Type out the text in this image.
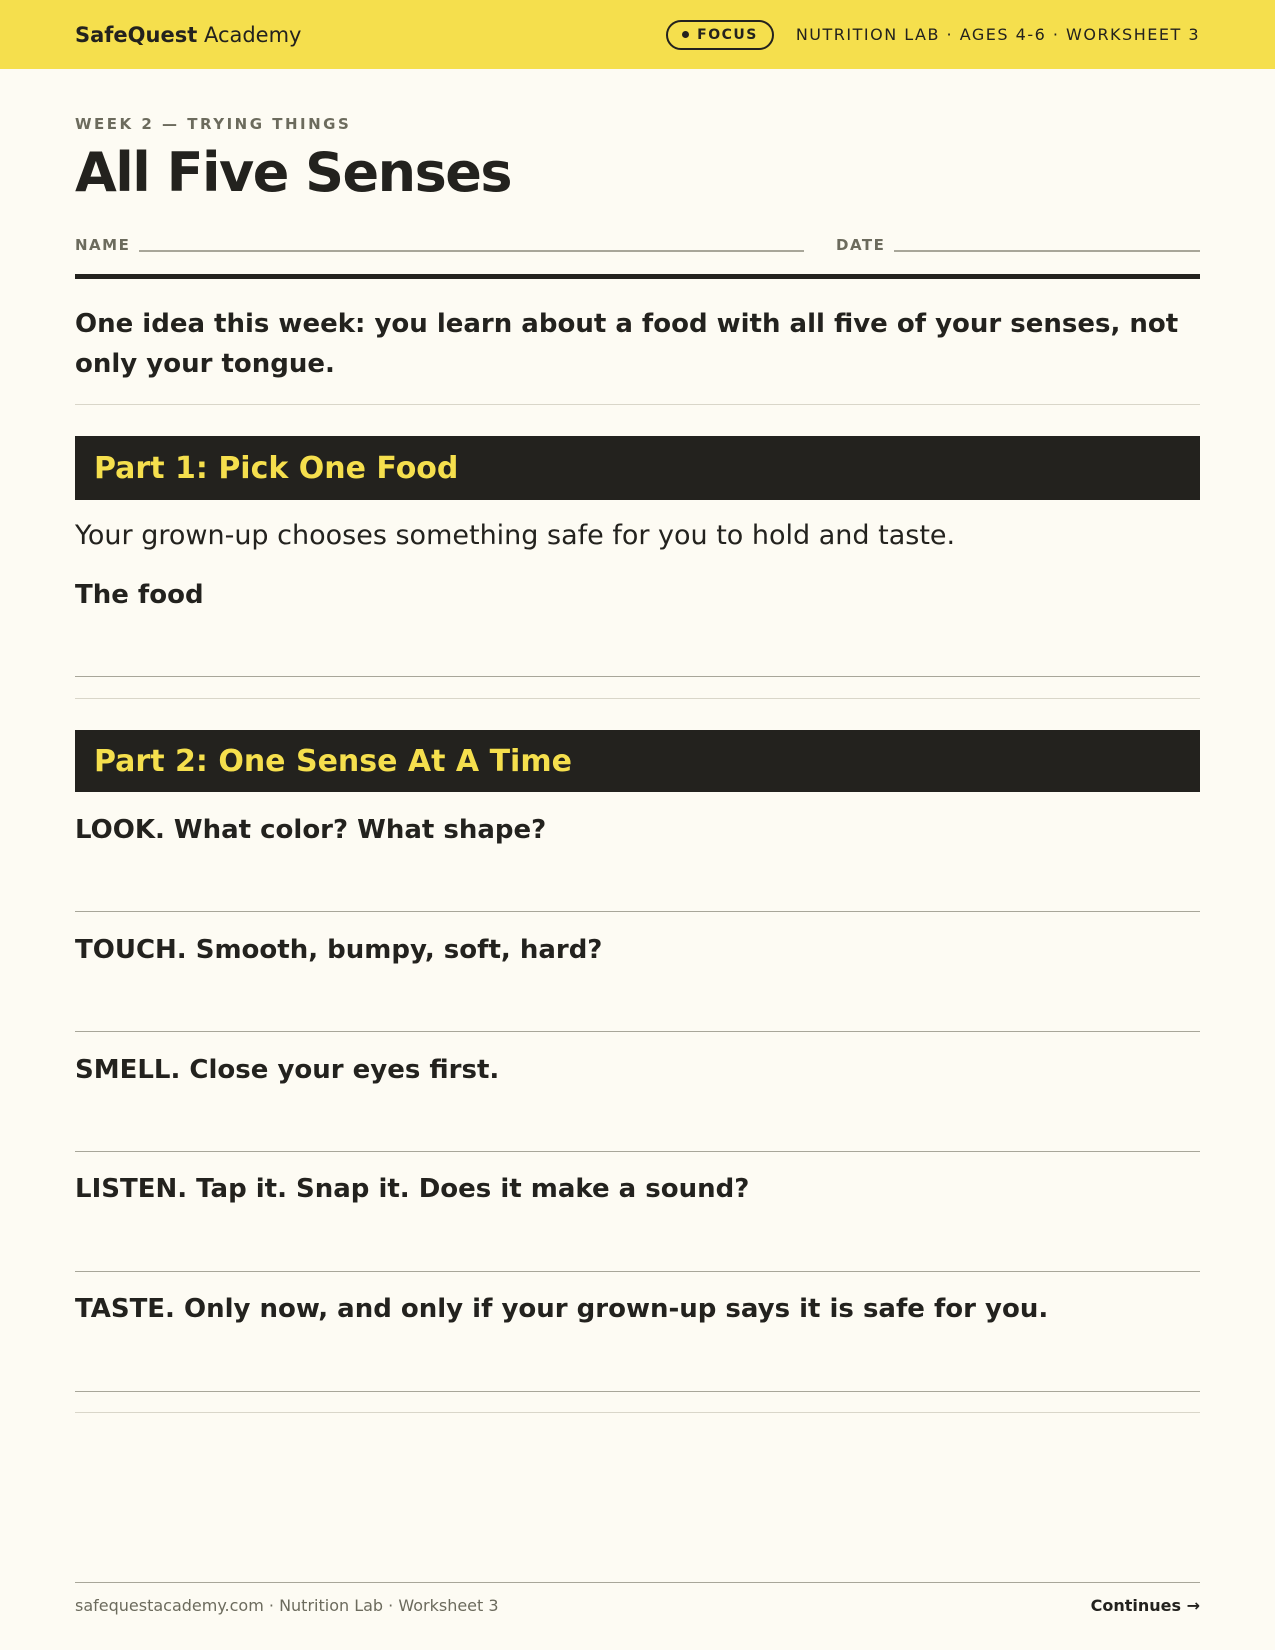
SafeQuest Academy	FOCUS NUTRITION LAB · AGES 4-6 · WORKSHEET 3
WEEK 2 — TRYING THINGS
All Five Senses
NAME	DATE

One idea this week: you learn about a food with all five of your senses, not only your tongue.

Part 1: Pick One Food

Your grown-up chooses something safe for you to hold and taste.

The food
Part 2: One Sense At A Time
LOOK. What color? What shape?
TOUCH. Smooth, bumpy, soft, hard?
SMELL. Close your eyes first.
LISTEN. Tap it. Snap it. Does it make a sound?
TASTE. Only now, and only if your grown-up says it is safe for you.
safequestacademy.com · Nutrition Lab · Worksheet 3	Continues →
